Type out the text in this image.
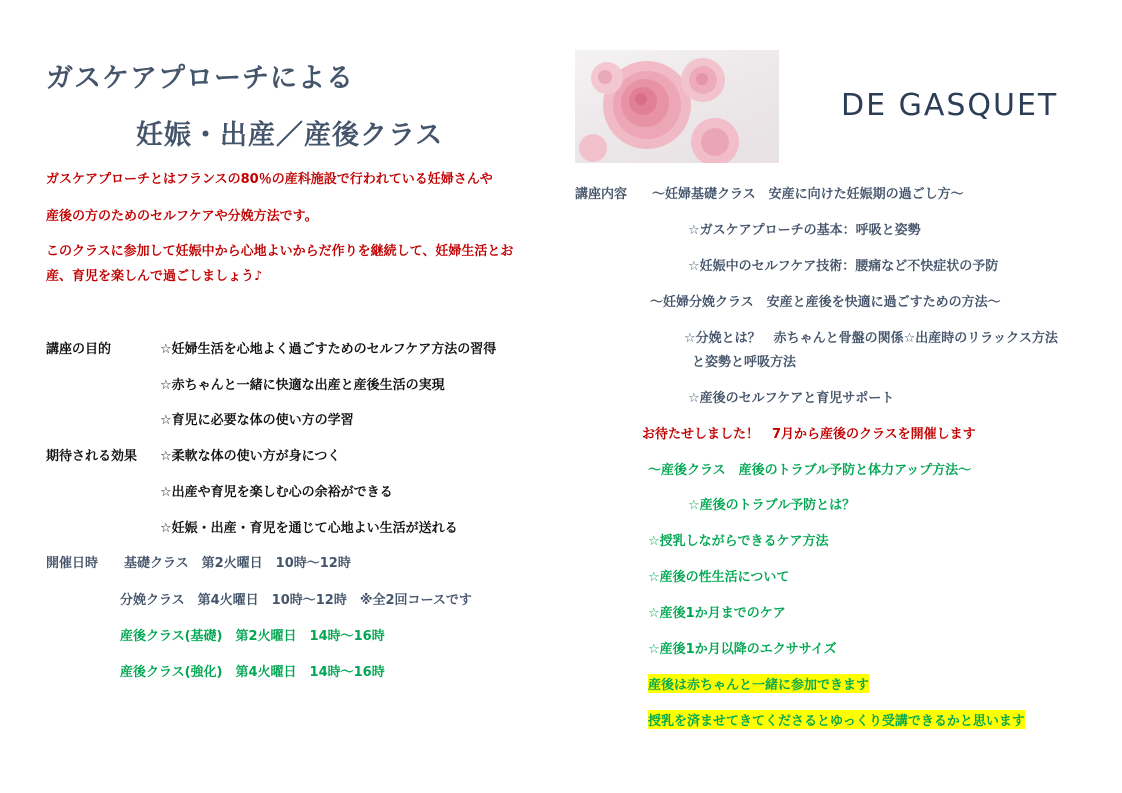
ガスケアプローチによる
妊娠・出産／産後クラス
ガスケアプローチとはフランスの80％の産科施設で行われている妊婦さんや
産後の方のためのセルフケアや分娩方法です。
このクラスに参加して妊娠中から心地よいからだ作りを継続して、妊婦生活とお
産、育児を楽しんで過ごしましょう♪
講座の目的	☆妊婦生活を心地よく過ごすためのセルフケア方法の習得
☆赤ちゃんと一緒に快適な出産と産後生活の実現
☆育児に必要な体の使い方の学習
期待される効果 ☆柔軟な体の使い方が身につく
☆出産や育児を楽しむ心の余裕ができる
☆妊娠・出産・育児を通じて心地よい生活が送れる
開催日時 基礎クラス　第2火曜日　10時～12時
分娩クラス　第4火曜日　10時～12時　※全2回コースです
産後クラス(基礎)　第2火曜日　14時～16時
産後クラス(強化)　第4火曜日　14時～16時
DE GASQUET
講座内容 ～妊婦基礎クラス　安産に向けた妊娠期の過ごし方～
☆ガスケアプローチの基本：呼吸と姿勢
☆妊娠中のセルフケア技術：腰痛など不快症状の予防
～妊婦分娩クラス　安産と産後を快適に過ごすための方法～
☆分娩とは？　赤ちゃんと骨盤の関係☆出産時のリラックス方法
と姿勢と呼吸方法
☆産後のセルフケアと育児サポート
お待たせしました！　7月から産後のクラスを開催します
～産後クラス　産後のトラブル予防と体力アップ方法～
☆産後のトラブル予防とは？
☆授乳しながらできるケア方法
☆産後の性生活について
☆産後1か月までのケア
☆産後1か月以降のエクササイズ
産後は赤ちゃんと一緒に参加できます
授乳を済ませてきてくださるとゆっくり受講できるかと思います
